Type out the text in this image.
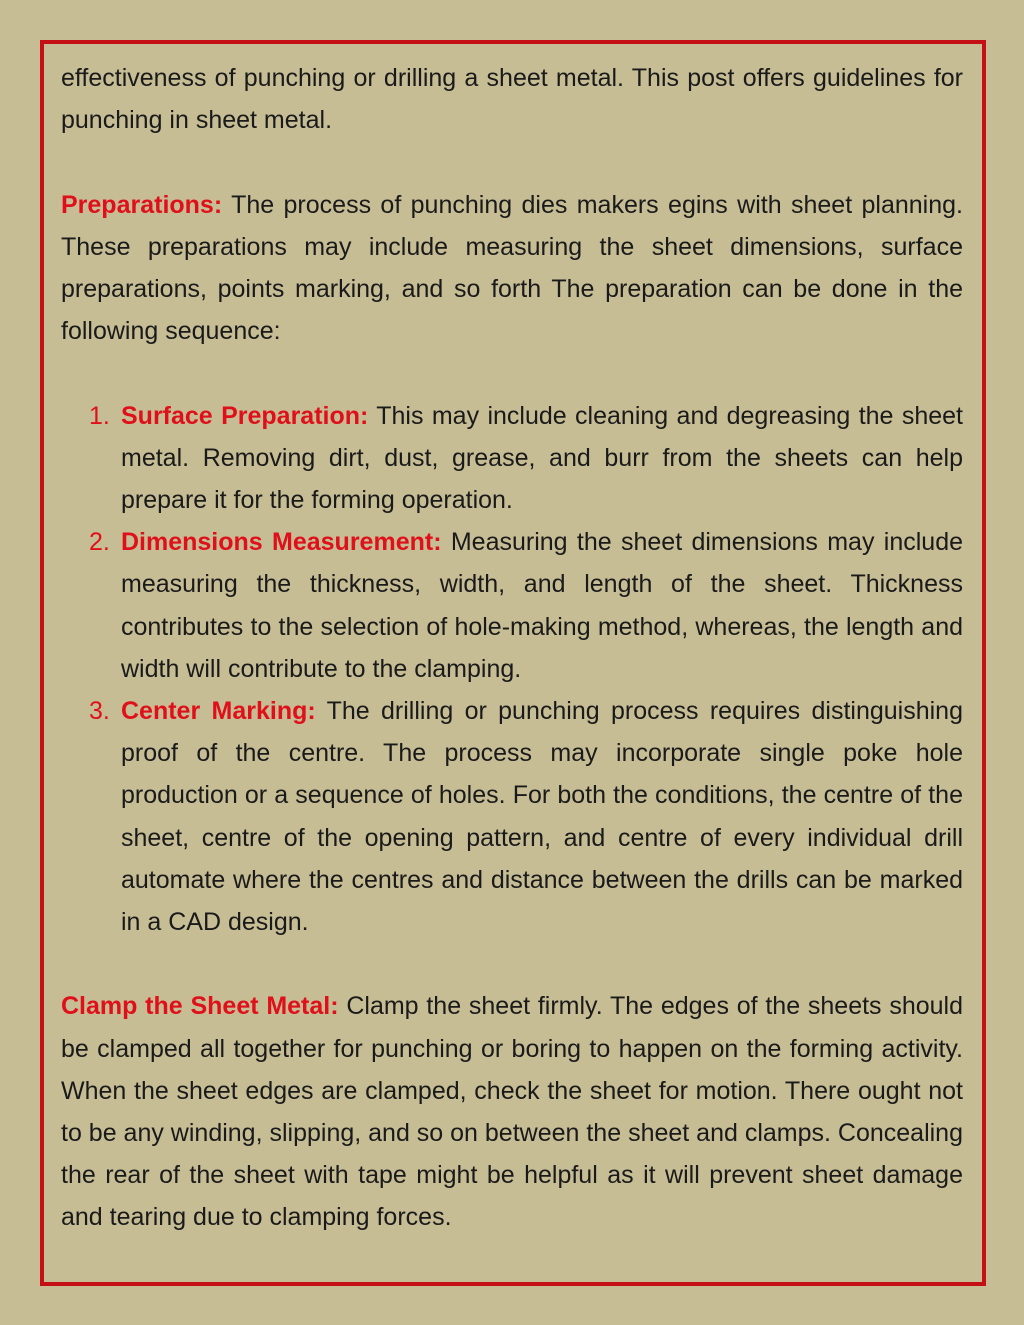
effectiveness of punching or drilling a sheet metal. This post offers guidelines for punching in sheet metal.

Preparations: The process of punching dies makers egins with sheet planning. These preparations may include measuring the sheet dimensions, surface preparations, points marking, and so forth The preparation can be done in the following sequence:

1. Surface Preparation: This may include cleaning and degreasing the sheet metal. Removing dirt, dust, grease, and burr from the sheets can help prepare it for the forming operation.
2. Dimensions Measurement: Measuring the sheet dimensions may include measuring the thickness, width, and length of the sheet. Thickness contributes to the selection of hole-making method, whereas, the length and width will contribute to the clamping.
3. Center Marking: The drilling or punching process requires distinguishing proof of the centre. The process may incorporate single poke hole production or a sequence of holes. For both the conditions, the centre of the sheet, centre of the opening pattern, and centre of every individual drill automate where the centres and distance between the drills can be marked in a CAD design.

Clamp the Sheet Metal: Clamp the sheet firmly. The edges of the sheets should be clamped all together for punching or boring to happen on the forming activity. When the sheet edges are clamped, check the sheet for motion. There ought not to be any winding, slipping, and so on between the sheet and clamps. Concealing the rear of the sheet with tape might be helpful as it will prevent sheet damage and tearing due to clamping forces.
